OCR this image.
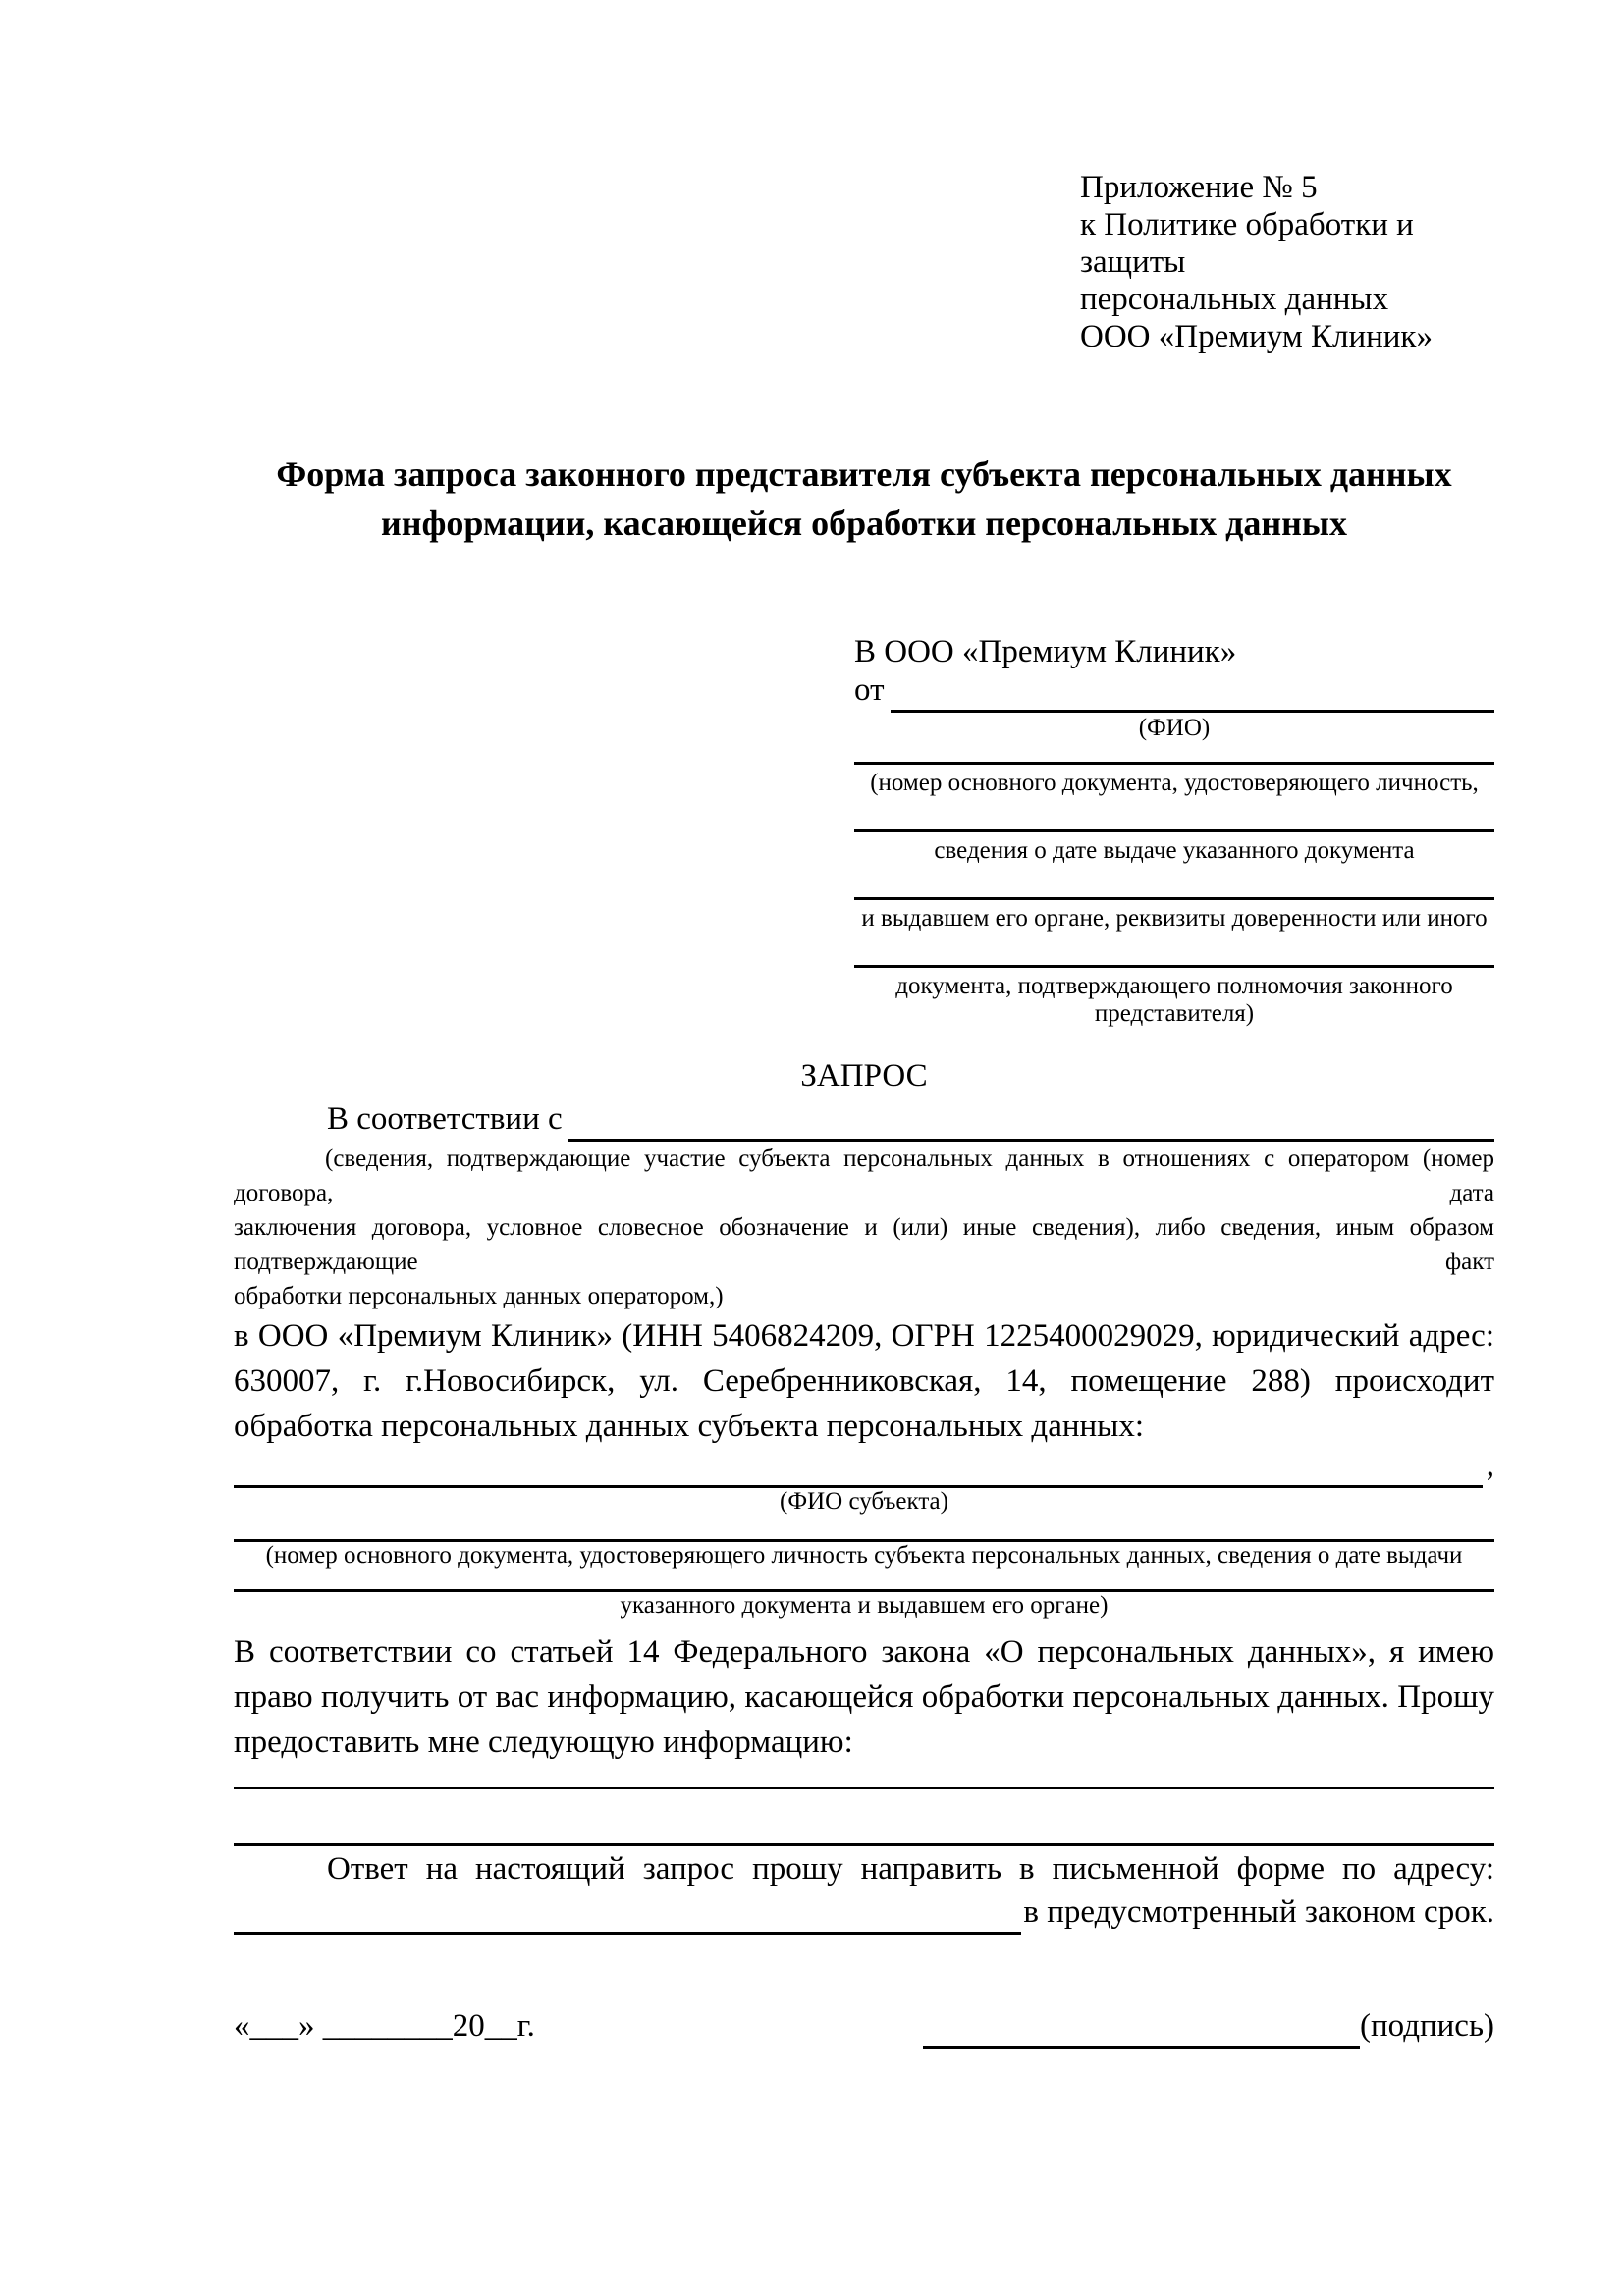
Приложение № 5
к Политике обработки и защиты
персональных данных
ООО «Премиум Клиник»
Форма запроса законного представителя субъекта персональных данных
информации, касающейся обработки персональных данных
В ООО «Премиум Клиник»
от
(ФИО)
(номер основного документа, удостоверяющего личность,
сведения о дате выдаче указанного документа
и выдавшем его органе, реквизиты доверенности или иного
документа, подтверждающего полномочия законного представителя)
ЗАПРОС
В соответствии с
(сведения, подтверждающие участие субъекта персональных данных в отношениях с оператором (номер договора, дата
заключения договора, условное словесное обозначение и (или) иные сведения), либо сведения, иным образом подтверждающие факт
обработки персональных данных оператором,)
в ООО «Премиум Клиник» (ИНН 5406824209, ОГРН 1225400029029, юридический адрес:
630007, г. г.Новосибирск, ул. Серебренниковская, 14, помещение 288) происходит
обработка персональных данных субъекта персональных данных:
,
(ФИО субъекта)
(номер основного документа, удостоверяющего личность субъекта персональных данных, сведения о дате выдачи
указанного документа и выдавшем его органе)
В соответствии со статьей 14 Федерального закона «О персональных данных», я имею
право получить от вас информацию, касающейся обработки персональных данных. Прошу
предоставить мне следующую информацию:
Ответ на настоящий запрос прошу направить в письменной форме по адресу:
в предусмотренный законом срок.
«___» ________20__г.	(подпись)
